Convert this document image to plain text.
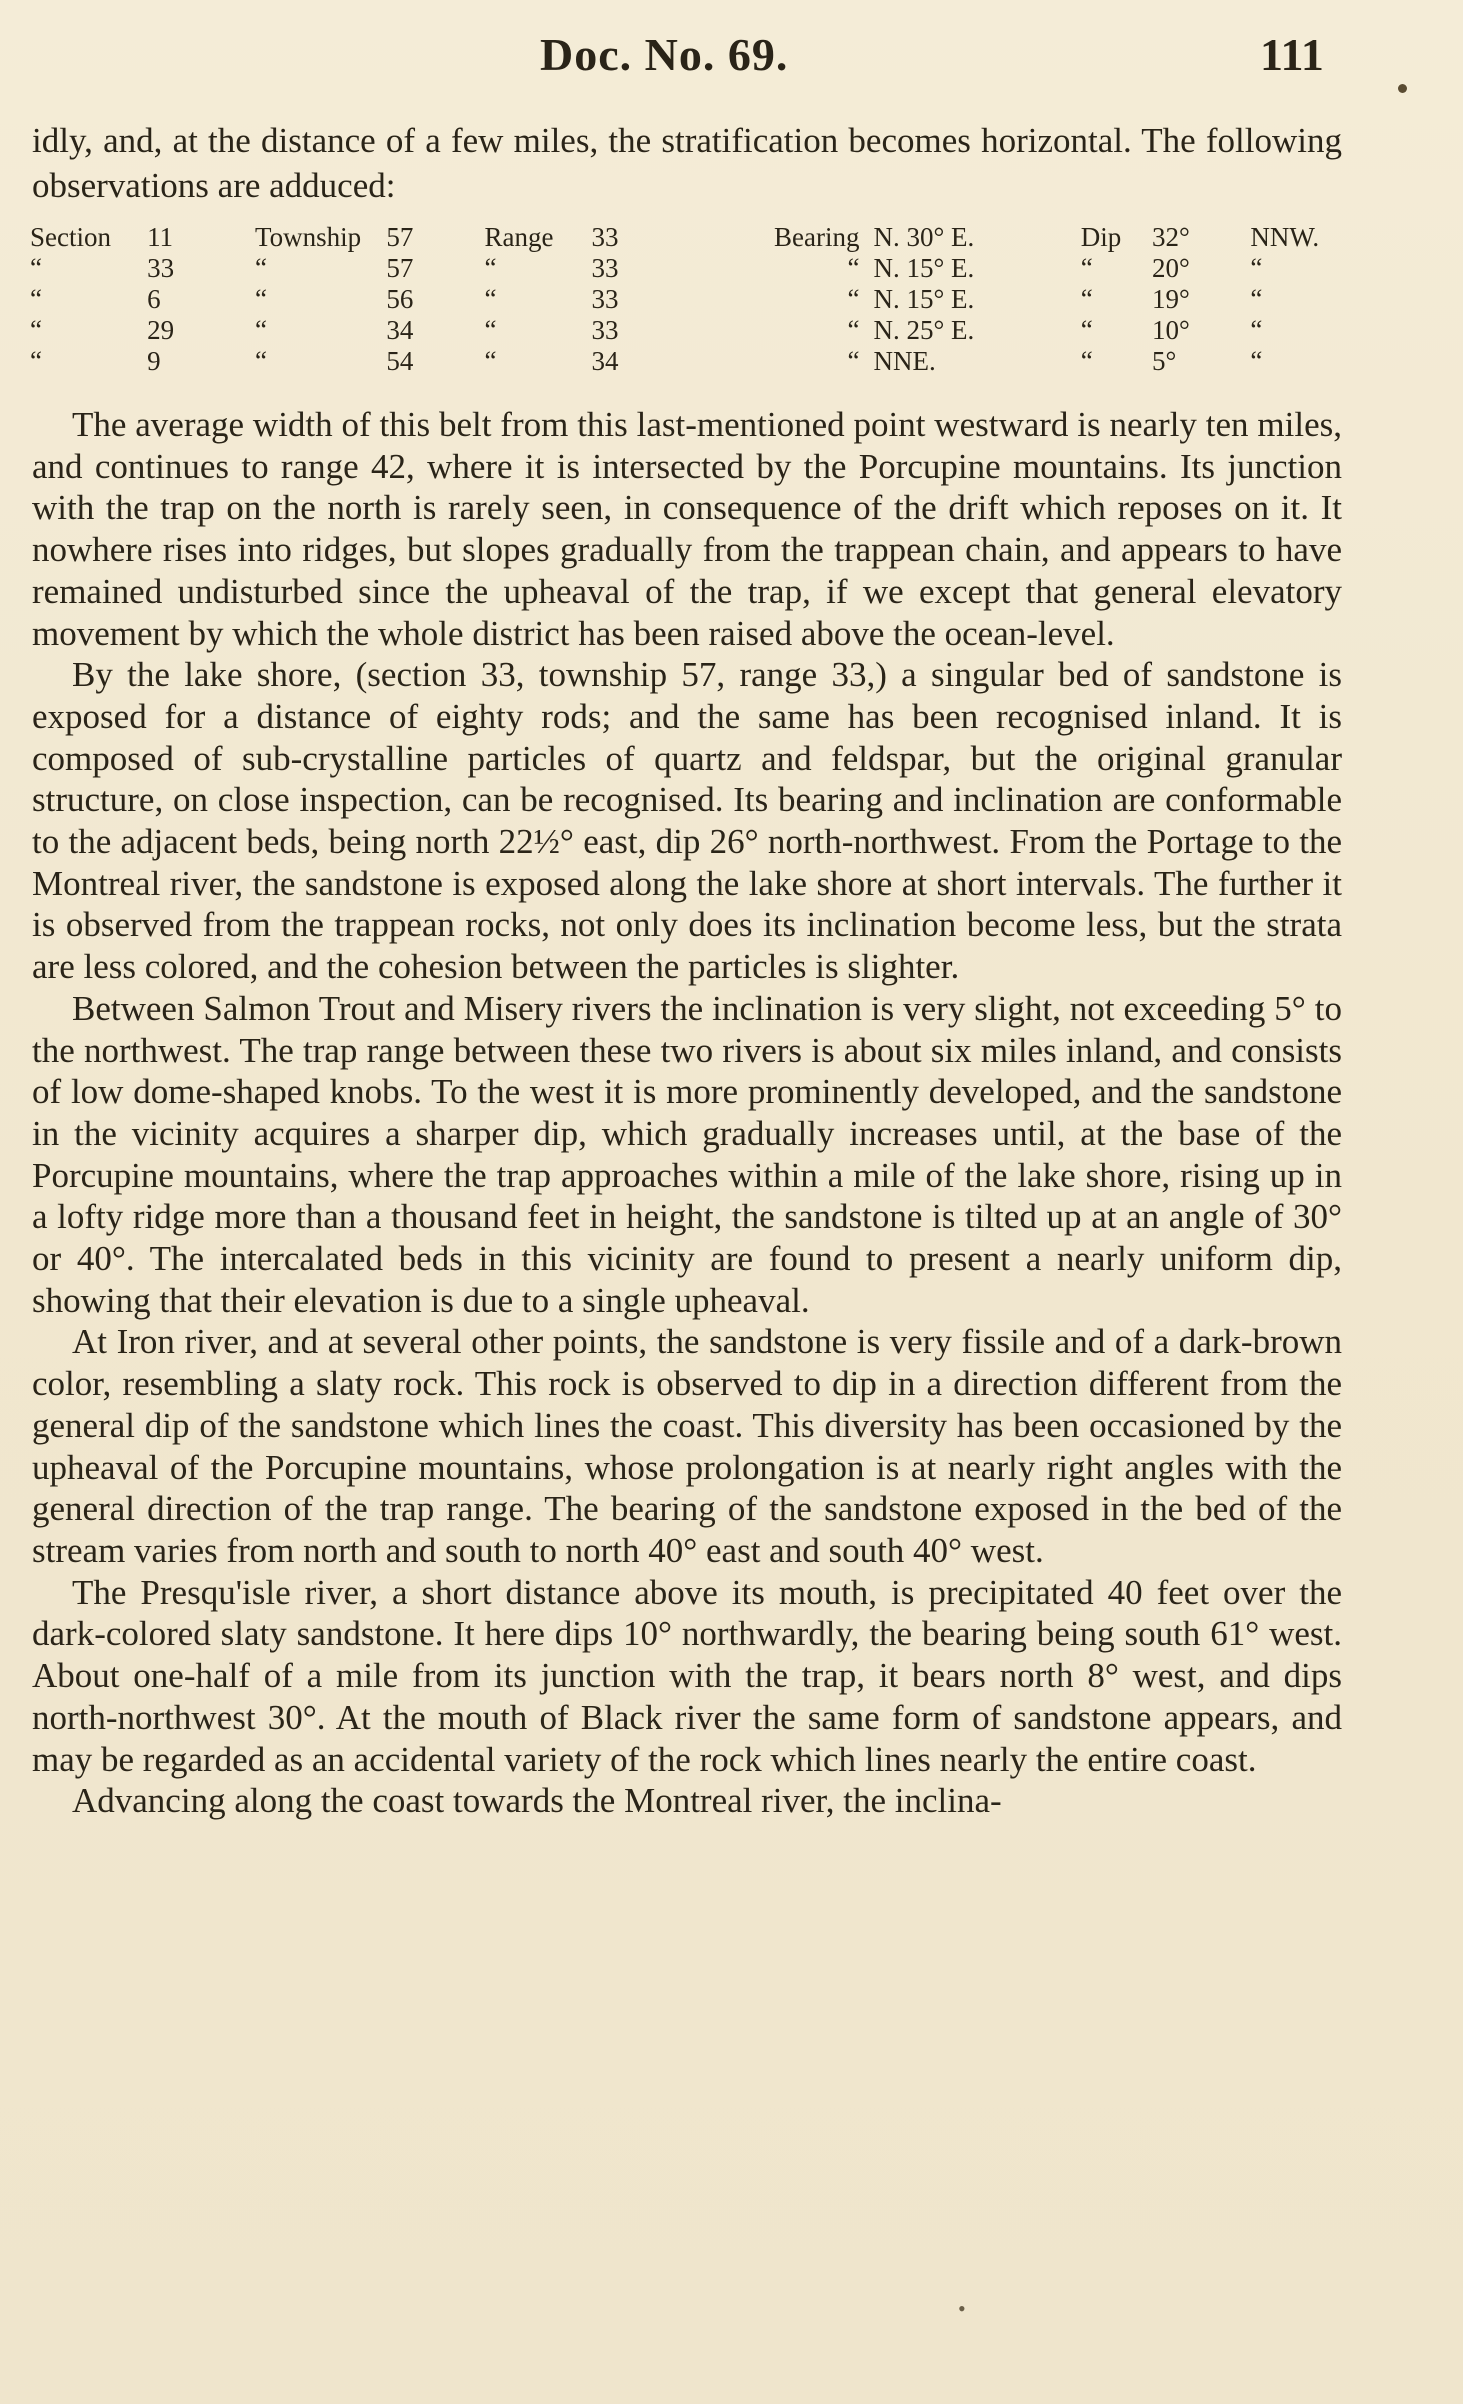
Doc. No. 69.	111

idly, and, at the distance of a few miles, the stratification becomes horizontal. The following observations are adduced:

Section	11	Township	57	Range	33	Bearing	N. 30° E.	Dip	32°	NNW.
“	33	“	57	“	33	“	N. 15° E.	“	20°	“
“	6	“	56	“	33	“	N. 15° E.	“	19°	“
“	29	“	34	“	33	“	N. 25° E.	“	10°	“
“	9	“	54	“	34	“	NNE.	“	5°	“

The average width of this belt from this last-mentioned point westward is nearly ten miles, and continues to range 42, where it is intersected by the Porcupine mountains. Its junction with the trap on the north is rarely seen, in consequence of the drift which reposes on it. It nowhere rises into ridges, but slopes gradually from the trappean chain, and appears to have remained undisturbed since the upheaval of the trap, if we except that general elevatory movement by which the whole district has been raised above the ocean-level.

By the lake shore, (section 33, township 57, range 33,) a singular bed of sandstone is exposed for a distance of eighty rods; and the same has been recognised inland. It is composed of sub-crystalline particles of quartz and feldspar, but the original granular structure, on close inspection, can be recognised. Its bearing and inclination are conformable to the adjacent beds, being north 22½° east, dip 26° north-northwest. From the Portage to the Montreal river, the sandstone is exposed along the lake shore at short intervals. The further it is observed from the trappean rocks, not only does its inclination become less, but the strata are less colored, and the cohesion between the particles is slighter.

Between Salmon Trout and Misery rivers the inclination is very slight, not exceeding 5° to the northwest. The trap range between these two rivers is about six miles inland, and consists of low dome-shaped knobs. To the west it is more prominently developed, and the sandstone in the vicinity acquires a sharper dip, which gradually increases until, at the base of the Porcupine mountains, where the trap approaches within a mile of the lake shore, rising up in a lofty ridge more than a thousand feet in height, the sandstone is tilted up at an angle of 30° or 40°. The intercalated beds in this vicinity are found to present a nearly uniform dip, showing that their elevation is due to a single upheaval.

At Iron river, and at several other points, the sandstone is very fissile and of a dark-brown color, resembling a slaty rock. This rock is observed to dip in a direction different from the general dip of the sandstone which lines the coast. This diversity has been occasioned by the upheaval of the Porcupine mountains, whose prolongation is at nearly right angles with the general direction of the trap range. The bearing of the sandstone exposed in the bed of the stream varies from north and south to north 40° east and south 40° west.

The Presqu'isle river, a short distance above its mouth, is precipitated 40 feet over the dark-colored slaty sandstone. It here dips 10° northwardly, the bearing being south 61° west. About one-half of a mile from its junction with the trap, it bears north 8° west, and dips north-northwest 30°. At the mouth of Black river the same form of sandstone appears, and may be regarded as an accidental variety of the rock which lines nearly the entire coast.

Advancing along the coast towards the Montreal river, the inclina-

•
